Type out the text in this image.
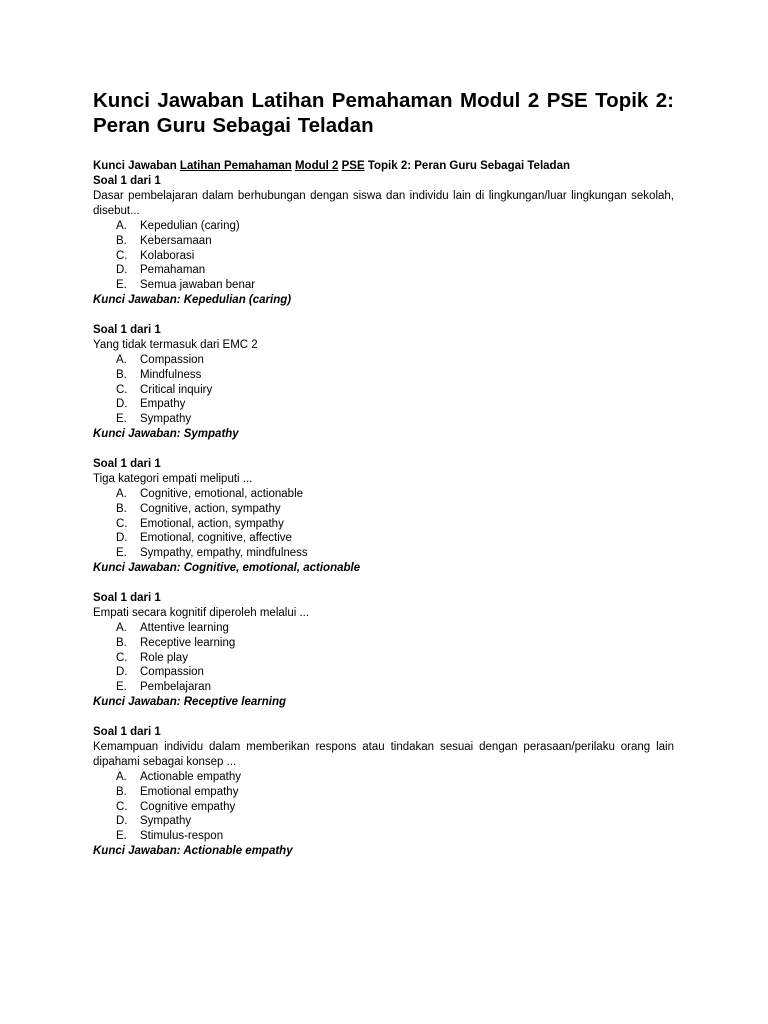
Kunci Jawaban Latihan Pemahaman Modul 2 PSE Topik 2: Peran Guru Sebagai Teladan

Kunci Jawaban Latihan Pemahaman Modul 2 PSE Topik 2: Peran Guru Sebagai Teladan

Soal 1 dari 1

Dasar pembelajaran dalam berhubungan dengan siswa dan individu lain di lingkungan/luar lingkungan sekolah, disebut...

A.	Kepedulian (caring)
B.	Kebersamaan
C.	Kolaborasi
D.	Pemahaman
E.	Semua jawaban benar

Kunci Jawaban: Kepedulian (caring)

Soal 1 dari 1

Yang tidak termasuk dari EMC 2

A.	Compassion
B.	Mindfulness
C.	Critical inquiry
D.	Empathy
E.	Sympathy

Kunci Jawaban: Sympathy

Soal 1 dari 1

Tiga kategori empati meliputi ...

A.	Cognitive, emotional, actionable
B.	Cognitive, action, sympathy
C.	Emotional, action, sympathy
D.	Emotional, cognitive, affective
E.	Sympathy, empathy, mindfulness

Kunci Jawaban: Cognitive, emotional, actionable

Soal 1 dari 1

Empati secara kognitif diperoleh melalui ...

A.	Attentive learning
B.	Receptive learning
C.	Role play
D.	Compassion
E.	Pembelajaran

Kunci Jawaban: Receptive learning

Soal 1 dari 1

Kemampuan individu dalam memberikan respons atau tindakan sesuai dengan perasaan/perilaku orang lain dipahami sebagai konsep ...

A.	Actionable empathy
B.	Emotional empathy
C.	Cognitive empathy
D.	Sympathy
E.	Stimulus-respon

Kunci Jawaban: Actionable empathy
